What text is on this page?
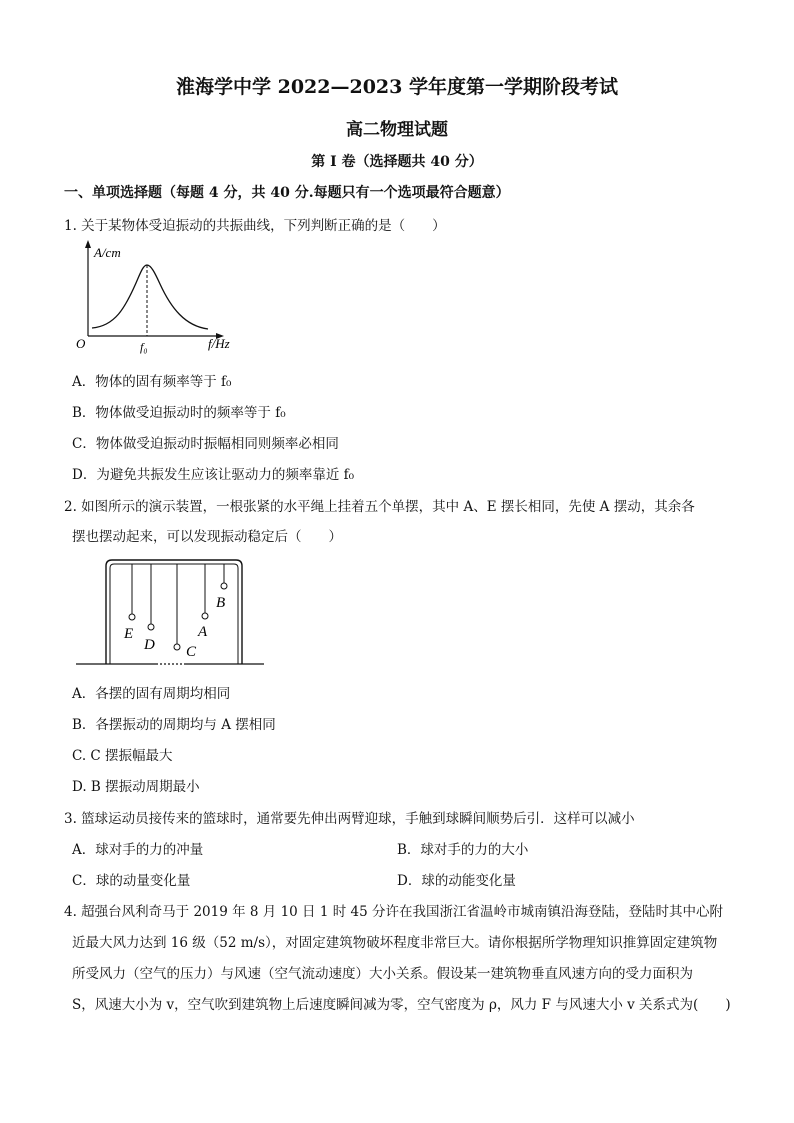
淮海学中学 2022—2023 学年度第一学期阶段考试
高二物理试题
第 I 卷（选择题共 40 分）
一、单项选择题（每题 4 分，共 40 分.每题只有一个选项最符合题意）
1. 关于某物体受迫振动的共振曲线，下列判断正确的是（　　）
A/cm
O	f₀	f/Hz
A．物体的固有频率等于 f₀
B．物体做受迫振动时的频率等于 f₀
C．物体做受迫振动时振幅相同则频率必相同
D．为避免共振发生应该让驱动力的频率靠近 f₀
2. 如图所示的演示装置，一根张紧的水平绳上挂着五个单摆，其中 A、E 摆长相同，先使 A 摆动，其余各
摆也摆动起来，可以发现振动稳定后（　　）
E
D C
A
B
A．各摆的固有周期均相同
B．各摆振动的周期均与 A 摆相同
C. C 摆振幅最大
D. B 摆振动周期最小
3. 篮球运动员接传来的篮球时，通常要先伸出两臂迎球，手触到球瞬间顺势后引．这样可以减小
A．球对手的力的冲量	B．球对手的力的大小
C．球的动量变化量	D．球的动能变化量
4. 超强台风利奇马于 2019 年 8 月 10 日 1 时 45 分许在我国浙江省温岭市城南镇沿海登陆，登陆时其中心附
近最大风力达到 16 级（52 m/s），对固定建筑物破坏程度非常巨大。请你根据所学物理知识推算固定建筑物
所受风力（空气的压力）与风速（空气流动速度）大小关系。假设某一建筑物垂直风速方向的受力面积为
S，风速大小为 v，空气吹到建筑物上后速度瞬间减为零，空气密度为 ρ，风力 F 与风速大小 v 关系式为(　　)
